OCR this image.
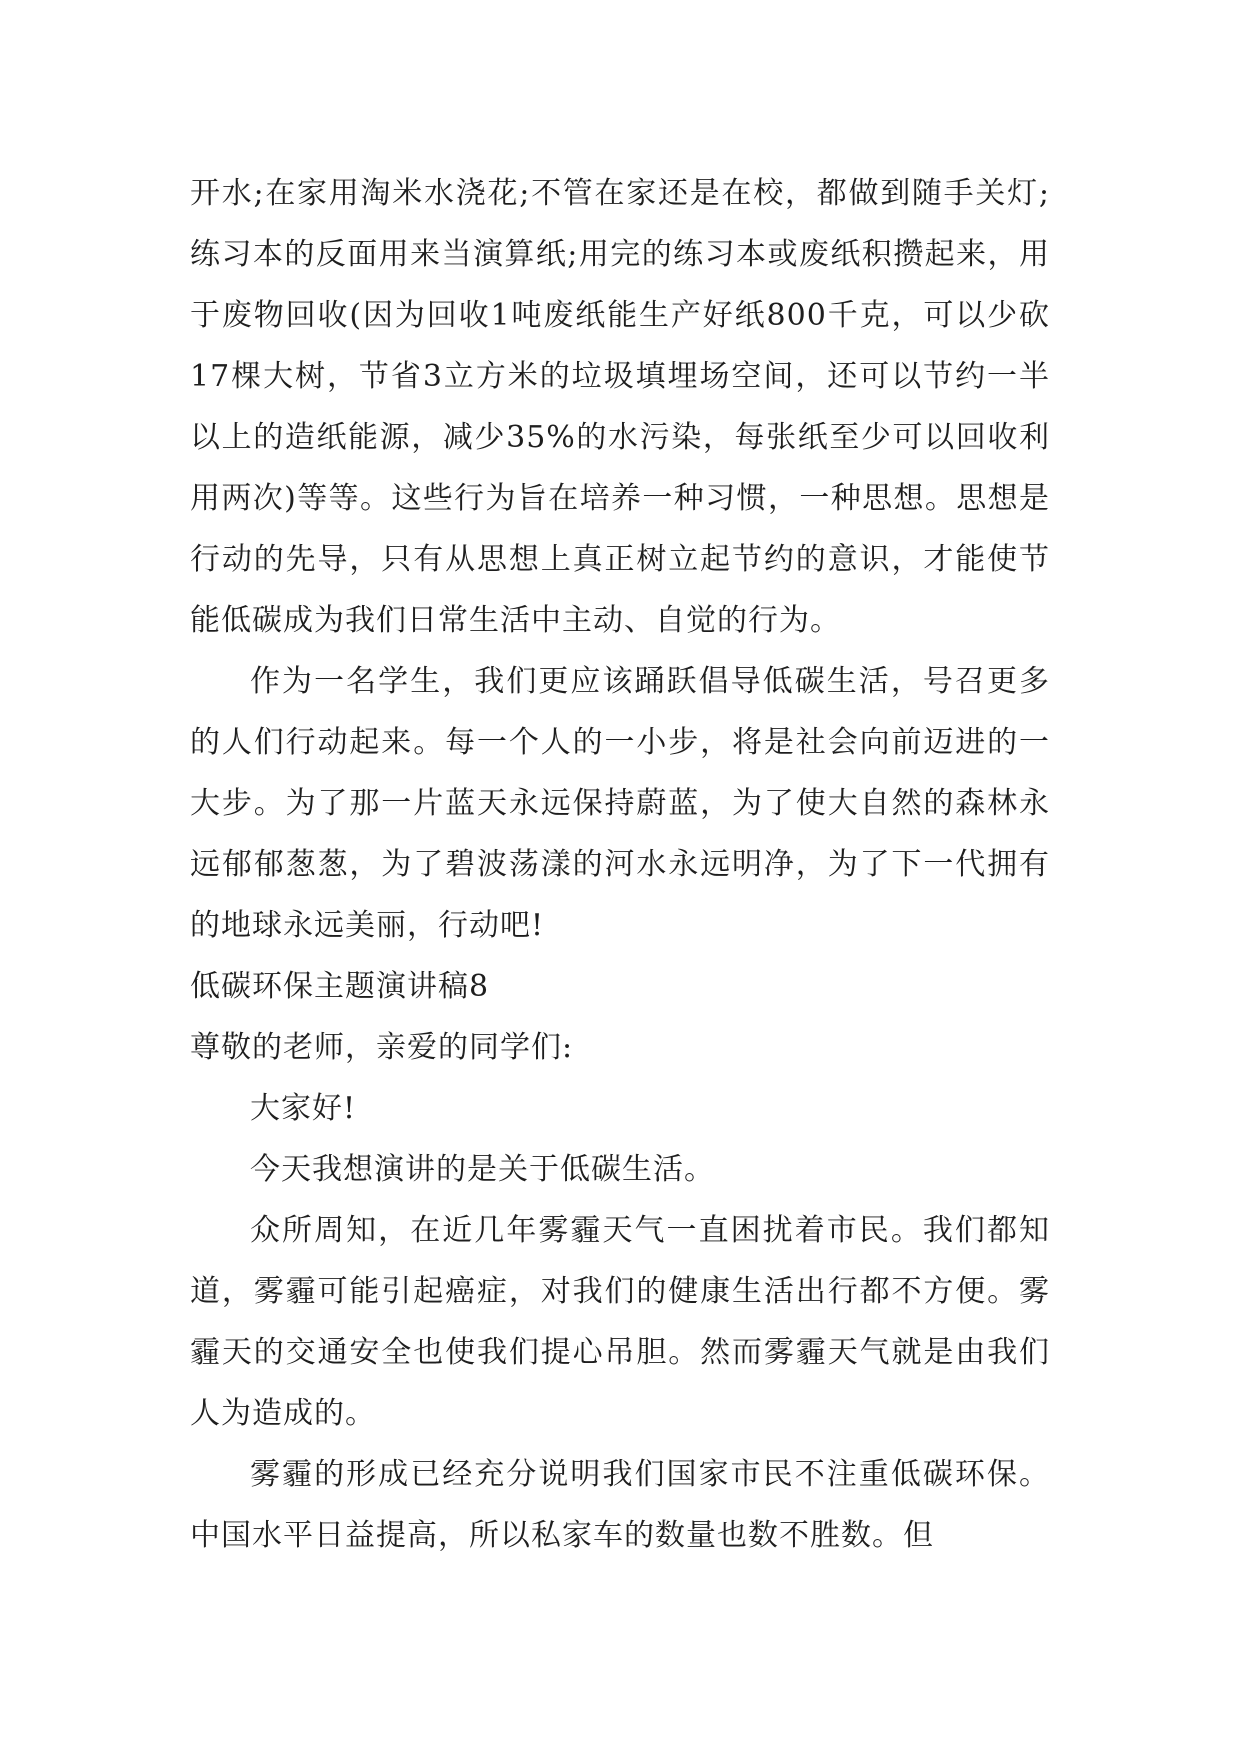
开水;在家用淘米水浇花;不管在家还是在校，都做到随手关灯;练习本的反面用来当演算纸;用完的练习本或废纸积攒起来，用于废物回收(因为回收1吨废纸能生产好纸800千克，可以少砍17棵大树，节省3立方米的垃圾填埋场空间，还可以节约一半以上的造纸能源，减少35%的水污染，每张纸至少可以回收利用两次)等等。这些行为旨在培养一种习惯，一种思想。思想是行动的先导，只有从思想上真正树立起节约的意识，才能使节能低碳成为我们日常生活中主动、自觉的行为。

作为一名学生，我们更应该踊跃倡导低碳生活，号召更多的人们行动起来。每一个人的一小步，将是社会向前迈进的一大步。为了那一片蓝天永远保持蔚蓝，为了使大自然的森林永远郁郁葱葱，为了碧波荡漾的河水永远明净，为了下一代拥有的地球永远美丽，行动吧!

低碳环保主题演讲稿8

尊敬的老师，亲爱的同学们:

大家好!

今天我想演讲的是关于低碳生活。

众所周知，在近几年雾霾天气一直困扰着市民。我们都知道，雾霾可能引起癌症，对我们的健康生活出行都不方便。雾霾天的交通安全也使我们提心吊胆。然而雾霾天气就是由我们人为造成的。

雾霾的形成已经充分说明我们国家市民不注重低碳环保。中国水平日益提高，所以私家车的数量也数不胜数。但
